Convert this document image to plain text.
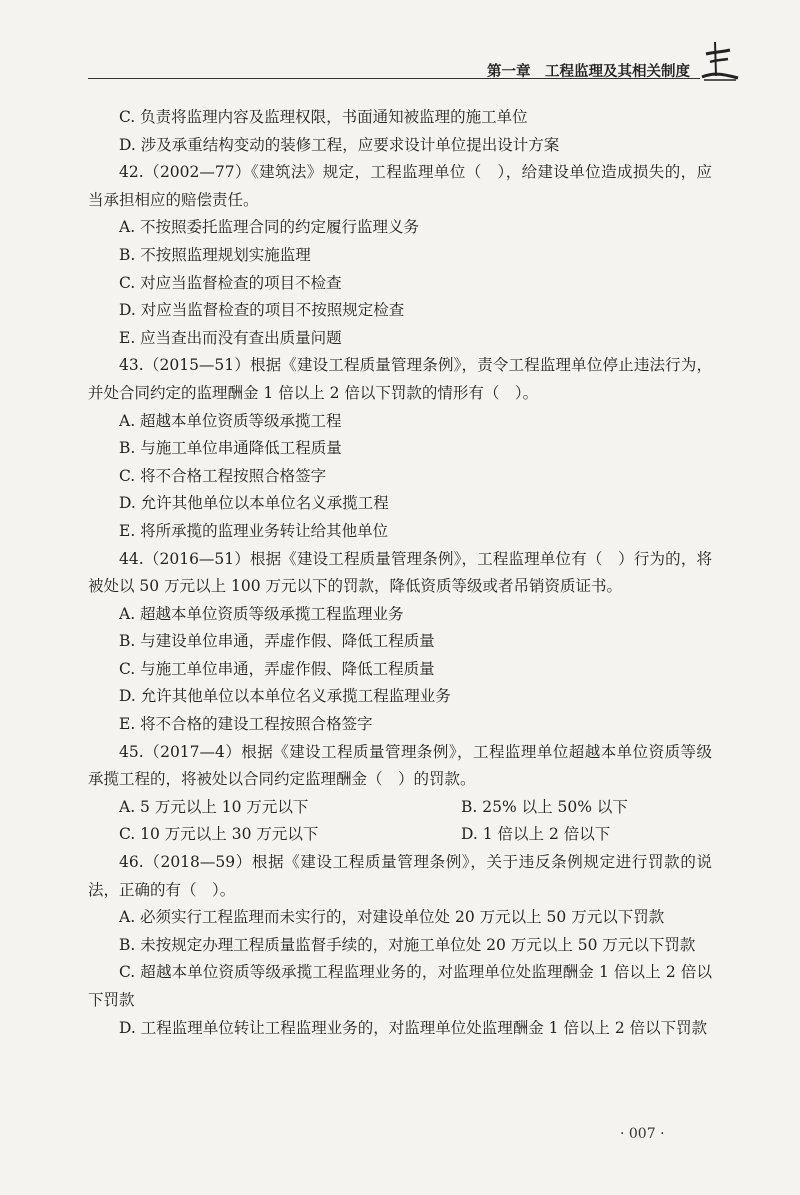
第一章　工程监理及其相关制度
C. 负责将监理内容及监理权限，书面通知被监理的施工单位
D. 涉及承重结构变动的装修工程，应要求设计单位提出设计方案
42.（2002—77）《建筑法》规定，工程监理单位（　），给建设单位造成损失的，应当承担相应的赔偿责任。
A. 不按照委托监理合同的约定履行监理义务
B. 不按照监理规划实施监理
C. 对应当监督检查的项目不检查
D. 对应当监督检查的项目不按照规定检查
E. 应当查出而没有查出质量问题
43.（2015—51）根据《建设工程质量管理条例》，责令工程监理单位停止违法行为，并处合同约定的监理酬金 1 倍以上 2 倍以下罚款的情形有（　）。
A. 超越本单位资质等级承揽工程
B. 与施工单位串通降低工程质量
C. 将不合格工程按照合格签字
D. 允许其他单位以本单位名义承揽工程
E. 将所承揽的监理业务转让给其他单位
44.（2016—51）根据《建设工程质量管理条例》，工程监理单位有（　）行为的，将被处以 50 万元以上 100 万元以下的罚款，降低资质等级或者吊销资质证书。
A. 超越本单位资质等级承揽工程监理业务
B. 与建设单位串通，弄虚作假、降低工程质量
C. 与施工单位串通，弄虚作假、降低工程质量
D. 允许其他单位以本单位名义承揽工程监理业务
E. 将不合格的建设工程按照合格签字
45.（2017—4）根据《建设工程质量管理条例》，工程监理单位超越本单位资质等级承揽工程的，将被处以合同约定监理酬金（　）的罚款。
A. 5 万元以上 10 万元以下	B. 25% 以上 50% 以下
C. 10 万元以上 30 万元以下	D. 1 倍以上 2 倍以下
46.（2018—59）根据《建设工程质量管理条例》，关于违反条例规定进行罚款的说法，正确的有（　）。
A. 必须实行工程监理而未实行的，对建设单位处 20 万元以上 50 万元以下罚款
B. 未按规定办理工程质量监督手续的，对施工单位处 20 万元以上 50 万元以下罚款
C. 超越本单位资质等级承揽工程监理业务的，对监理单位处监理酬金 1 倍以上 2 倍以下罚款
D. 工程监理单位转让工程监理业务的，对监理单位处监理酬金 1 倍以上 2 倍以下罚款
· 007 ·
